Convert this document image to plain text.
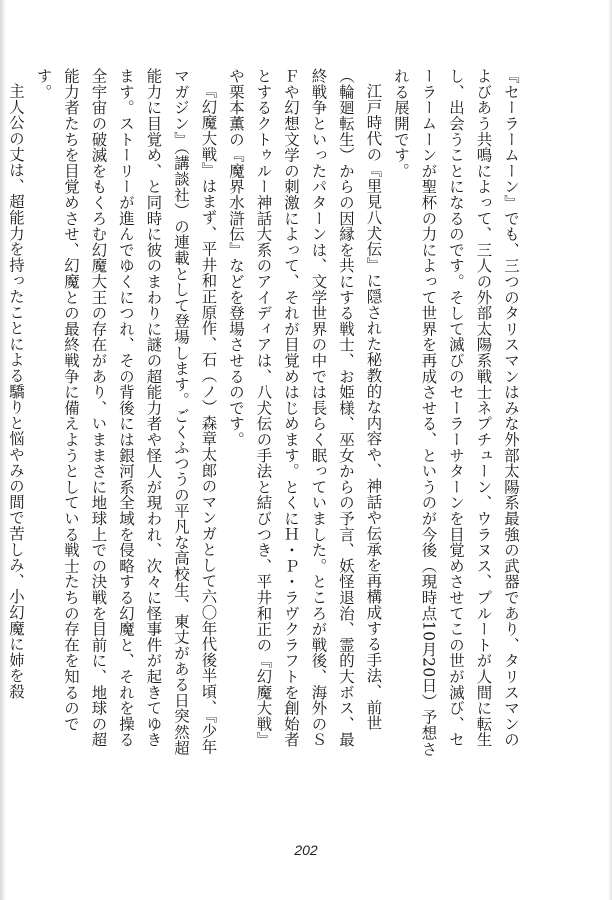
『セーラームーン』でも、三つのタリスマンはみな外部太陽系最強の武器であり、タリスマンのよびあう共鳴によって、三人の外部太陽系戦士ネプチューン、ウラヌス、プルートが人間に転生し、出会うことになるのです。そして滅びのセーラーサターンを目覚めさせてこの世が滅び、セーラームーンが聖杯の力によって世界を再成させる、というのが今後（現時点10月20日）予想される展開です。

江戸時代の『里見八犬伝』に隠された秘教的な内容や、神話や伝承を再構成する手法、前世（輪廻転生）からの因縁を共にする戦士、お姫様、巫女からの予言、妖怪退治、霊的大ボス、最終戦争といったパターンは、文学世界の中では長らく眠っていました。ところが戦後、海外のＳＦや幻想文学の刺激によって、それが目覚めはじめます。とくにＨ・Ｐ・ラヴクラフトを創始者とするクトゥルー神話大系のアイディアは、八犬伝の手法と結びつき、平井和正の『幻魔大戦』や栗本薫の『魔界水滸伝』などを登場させるのです。

『幻魔大戦』はまず、平井和正原作、石（ノ）森章太郎のマンガとして六〇年代後半頃、『少年マガジン』（講談社）の連載として登場します。ごくふつうの平凡な高校生、東丈がある日突然超能力に目覚め、と同時に彼のまわりに謎の超能力者や怪人が現われ、次々に怪事件が起きてゆきます。ストーリーが進んでゆくにつれ、その背後には銀河系全域を侵略する幻魔と、それを操る全宇宙の破滅をもくろむ幻魔大王の存在があり、いままさに地球上での決戦を目前に、地球の超能力者たちを目覚めさせ、幻魔との最終戦争に備えようとしている戦士たちの存在を知るのです。

主人公の丈は、超能力を持ったことによる驕りと悩やみの間で苦しみ、小幻魔に姉を殺

202
